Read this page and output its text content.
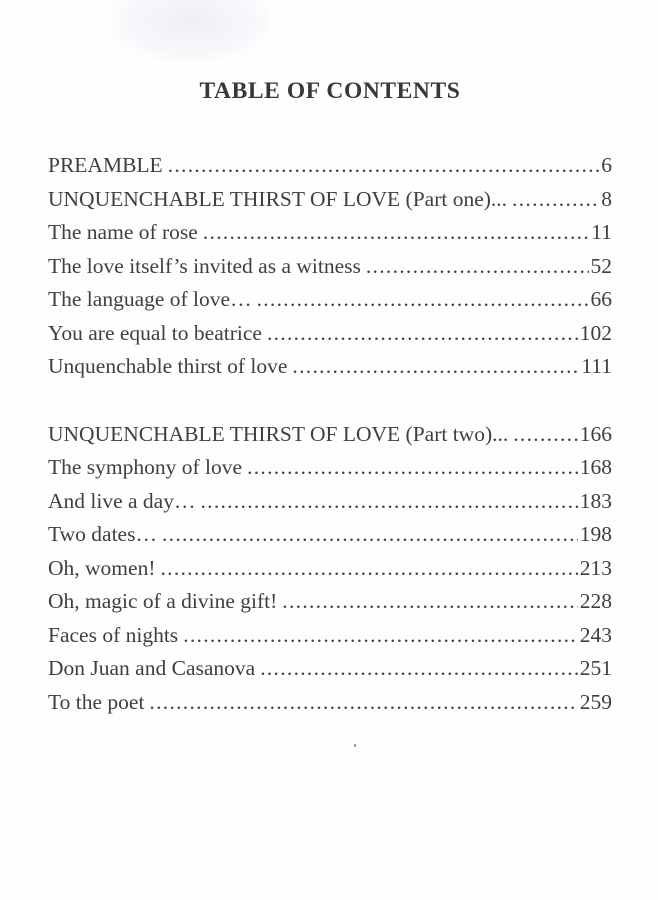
TABLE OF CONTENTS
PREAMBLE .....	6
UNQUENCHABLE THIRST OF LOVE (Part one)... .....	8
The name of rose .....	11
The love itself’s invited as a witness .....	52
The language of love… .....	66
You are equal to beatrice .....	102
Unquenchable thirst of love .....	111
UNQUENCHABLE THIRST OF LOVE (Part two)... .....	166
The symphony of love .....	168
And live a day… .....	183
Two dates… .....	198
Oh, women! .....	213
Oh, magic of a divine gift! .....	228
Faces of nights .....	243
Don Juan and Casanova .....	251
To the poet .....	259
